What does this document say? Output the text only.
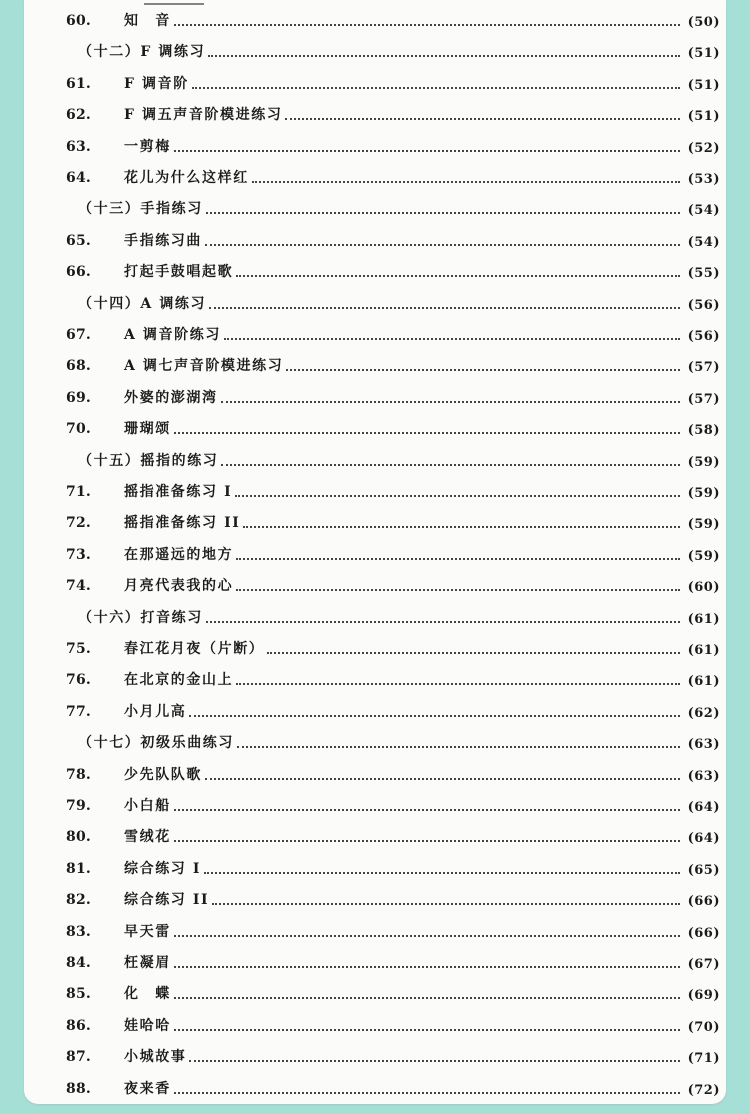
60. 知　音	(50)
（十二）F 调练习	(51)
61. F 调音阶	(51)
62. F 调五声音阶模进练习	(51)
63. 一剪梅	(52)
64. 花儿为什么这样红	(53)
（十三）手指练习	(54)
65. 手指练习曲	(54)
66. 打起手鼓唱起歌	(55)
（十四）A 调练习	(56)
67. A 调音阶练习	(56)
68. A 调七声音阶模进练习	(57)
69. 外婆的澎湖湾	(57)
70. 珊瑚颂	(58)
（十五）摇指的练习	(59)
71. 摇指准备练习 I	(59)
72. 摇指准备练习 II	(59)
73. 在那遥远的地方	(59)
74. 月亮代表我的心	(60)
（十六）打音练习	(61)
75. 春江花月夜（片断）	(61)
76. 在北京的金山上	(61)
77. 小月儿高	(62)
（十七）初级乐曲练习	(63)
78. 少先队队歌	(63)
79. 小白船	(64)
80. 雪绒花	(64)
81. 综合练习 I	(65)
82. 综合练习 II	(66)
83. 早天雷	(66)
84. 枉凝眉	(67)
85. 化　蝶	(69)
86. 娃哈哈	(70)
87. 小城故事	(71)
88. 夜来香	(72)
